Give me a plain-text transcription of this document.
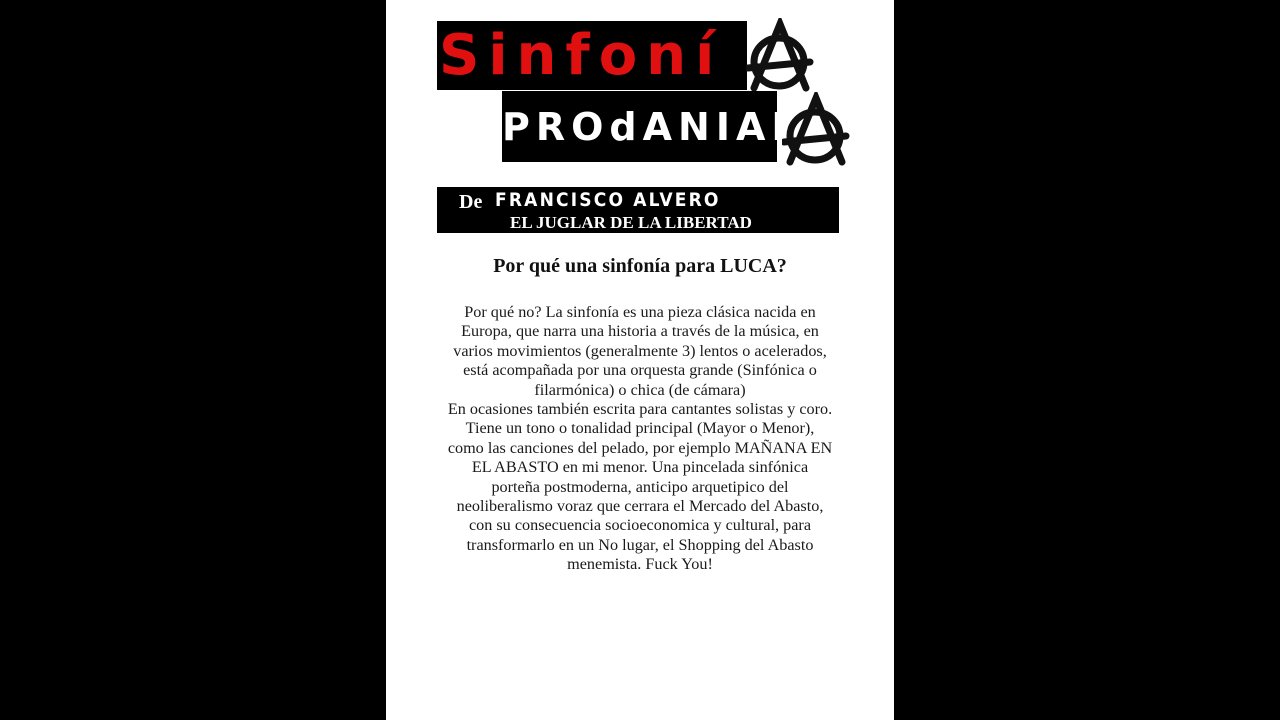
Sinfoní
PROdANIAN
De FRANCISCO ALVERO
EL JUGLAR DE LA LIBERTAD
Por qué una sinfonía para LUCA?
Por qué no? La sinfonía es una pieza clásica nacida en
Europa, que narra una historia a través de la música, en
varios movimientos (generalmente 3) lentos o acelerados,
está acompañada por una orquesta grande (Sinfónica o
filarmónica) o chica (de cámara)
En ocasiones también escrita para cantantes solistas y coro.
Tiene un tono o tonalidad principal (Mayor o Menor),
como las canciones del pelado, por ejemplo MAÑANA EN
EL ABASTO en mi menor. Una pincelada sinfónica
porteña postmoderna, anticipo arquetipico del
neoliberalismo voraz que cerrara el Mercado del Abasto,
con su consecuencia socioeconomica y cultural, para
transformarlo en un No lugar, el Shopping del Abasto
menemista. Fuck You!
